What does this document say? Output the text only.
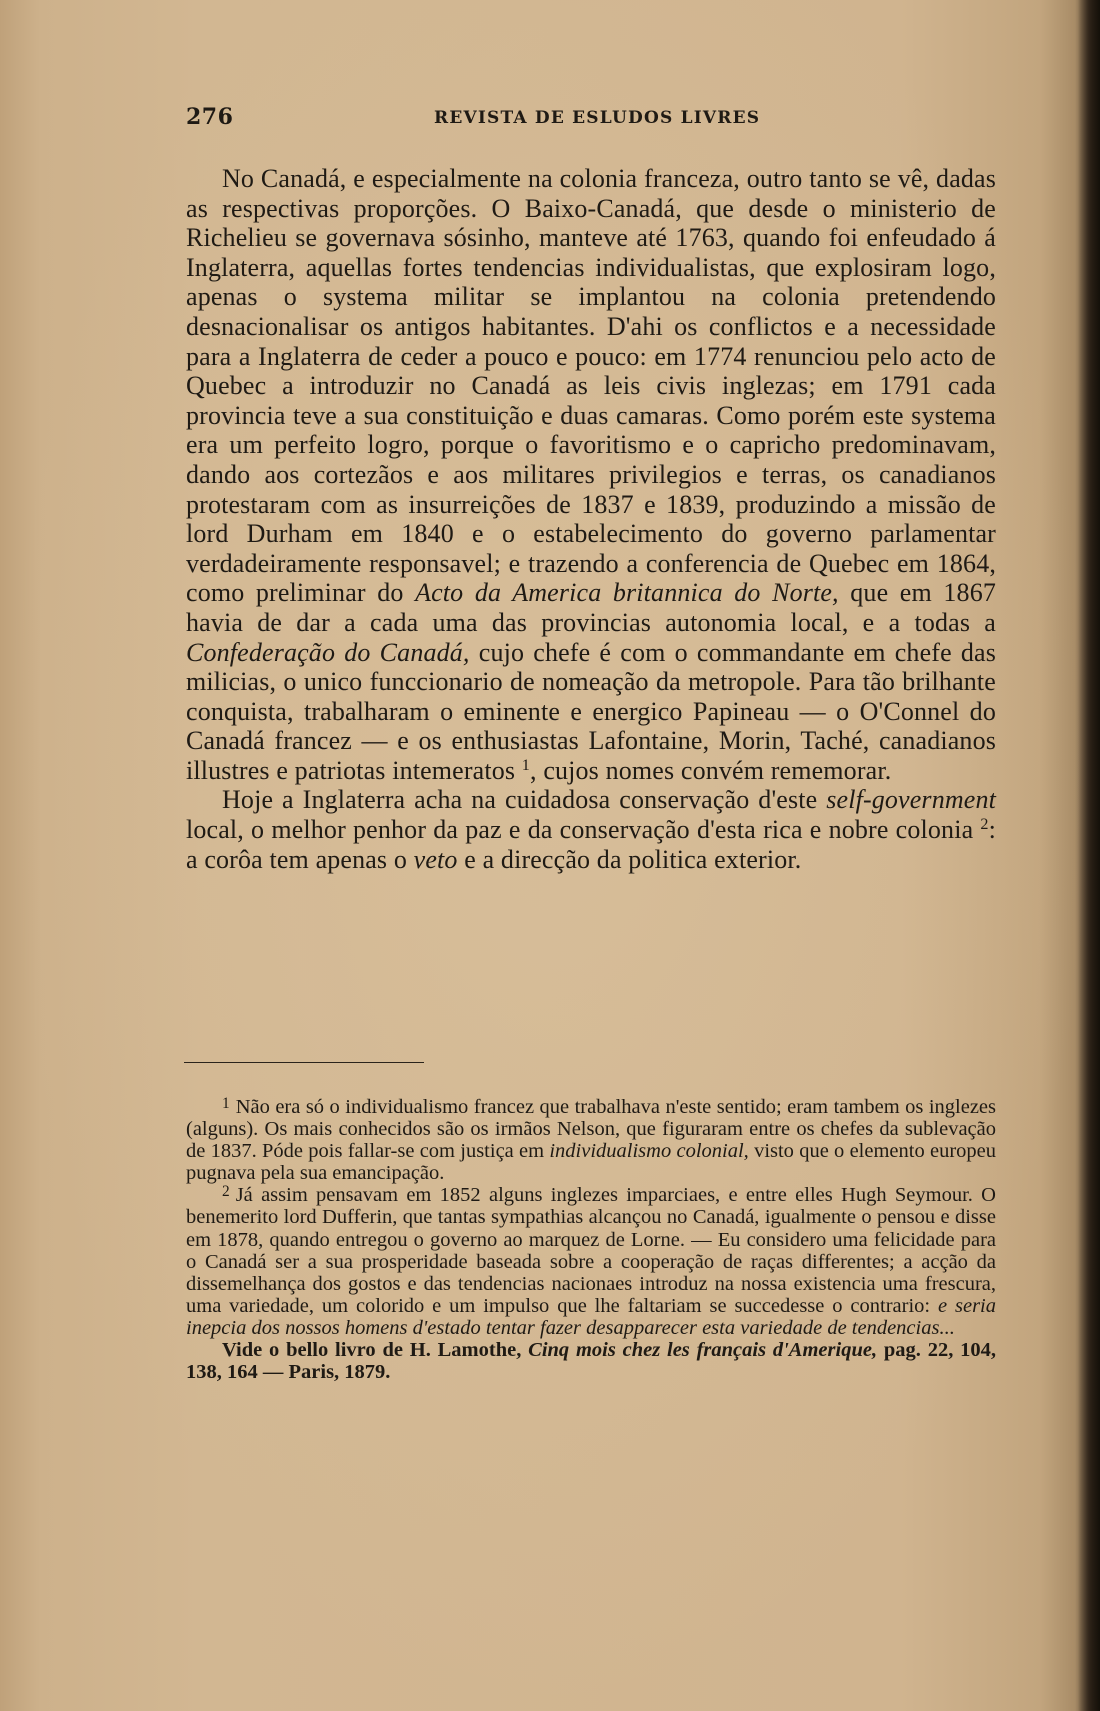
276	REVISTA DE ESLUDOS LIVRES

No Canadá, e especialmente na colonia franceza, outro tanto se vê, dadas as respectivas proporções. O Baixo-Canadá, que desde o ministerio de Richelieu se governava sósinho, manteve até 1763, quando foi enfeudado á Inglaterra, aquellas fortes tendencias individualistas, que explosiram logo, apenas o systema militar se implantou na colonia pretendendo desnacionalisar os antigos habitantes. D'ahi os conflictos e a necessidade para a Inglaterra de ceder a pouco e pouco: em 1774 renunciou pelo acto de Quebec a introduzir no Canadá as leis civis inglezas; em 1791 cada provincia teve a sua constituição e duas camaras. Como porém este systema era um perfeito logro, porque o favoritismo e o capricho predominavam, dando aos cortezãos e aos militares privilegios e terras, os canadianos protestaram com as insurreições de 1837 e 1839, produzindo a missão de lord Durham em 1840 e o estabelecimento do governo parlamentar verdadeiramente responsavel; e trazendo a conferencia de Quebec em 1864, como preliminar do Acto da America britannica do Norte, que em 1867 havia de dar a cada uma das provincias autonomia local, e a todas a Confederação do Canadá, cujo chefe é com o commandante em chefe das milicias, o unico funccionario de nomeação da metropole. Para tão brilhante conquista, trabalharam o eminente e energico Papineau — o O'Connel do Canadá francez — e os enthusiastas Lafontaine, Morin, Taché, canadianos illustres e patriotas intemeratos $^1$, cujos nomes convém rememorar.

Hoje a Inglaterra acha na cuidadosa conservação d'este self-government local, o melhor penhor da paz e da conservação d'esta rica e nobre colonia $^2$: a corôa tem apenas o veto e a direcção da politica exterior.

$^1$ Não era só o individualismo francez que trabalhava n'este sentido; eram tambem os inglezes (alguns). Os mais conhecidos são os irmãos Nelson, que figuraram entre os chefes da sublevação de 1837. Póde pois fallar-se com justiça em individualismo colonial, visto que o elemento europeu pugnava pela sua emancipação.

$^2$ Já assim pensavam em 1852 alguns inglezes imparciaes, e entre elles Hugh Seymour. O benemerito lord Dufferin, que tantas sympathias alcançou no Canadá, igualmente o pensou e disse em 1878, quando entregou o governo ao marquez de Lorne. — Eu considero uma felicidade para o Canadá ser a sua prosperidade baseada sobre a cooperação de raças differentes; a acção da dissemelhança dos gostos e das tendencias nacionaes introduz na nossa existencia uma frescura, uma variedade, um colorido e um impulso que lhe faltariam se succedesse o contrario: e seria inepcia dos nossos homens d'estado tentar fazer desapparecer esta variedade de tendencias...

Vide o bello livro de H. Lamothe, Cinq mois chez les français d'Amerique, pag. 22, 104, 138, 164 — Paris, 1879.
